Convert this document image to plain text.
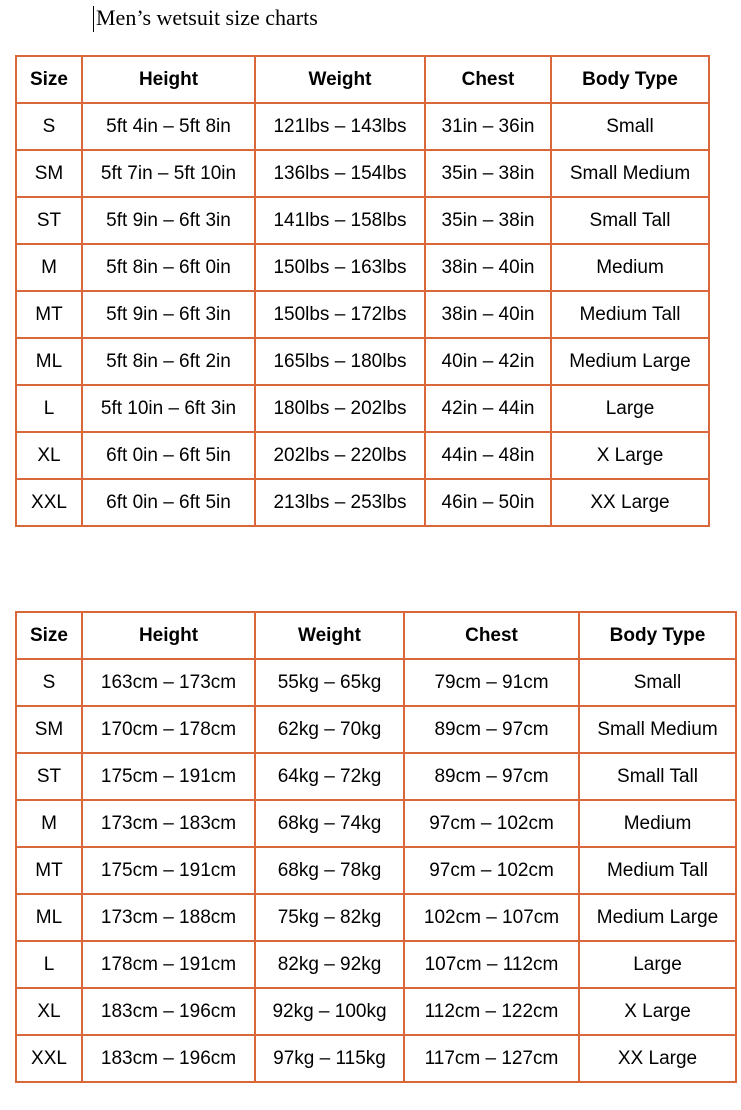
Men’s wetsuit size charts
Size	Height	Weight	Chest	Body Type
S	5ft 4in – 5ft 8in	121lbs – 143lbs	31in – 36in	Small
SM	5ft 7in – 5ft 10in	136lbs – 154lbs	35in – 38in	Small Medium
ST	5ft 9in – 6ft 3in	141lbs – 158lbs	35in – 38in	Small Tall
M	5ft 8in – 6ft 0in	150lbs – 163lbs	38in – 40in	Medium
MT	5ft 9in – 6ft 3in	150lbs – 172lbs	38in – 40in	Medium Tall
ML	5ft 8in – 6ft 2in	165lbs – 180lbs	40in – 42in	Medium Large
L	5ft 10in – 6ft 3in	180lbs – 202lbs	42in – 44in	Large
XL	6ft 0in – 6ft 5in	202lbs – 220lbs	44in – 48in	X Large
XXL	6ft 0in – 6ft 5in	213lbs – 253lbs	46in – 50in	XX Large
Size	Height	Weight	Chest	Body Type
S	163cm – 173cm	55kg – 65kg	79cm – 91cm	Small
SM	170cm – 178cm	62kg – 70kg	89cm – 97cm	Small Medium
ST	175cm – 191cm	64kg – 72kg	89cm – 97cm	Small Tall
M	173cm – 183cm	68kg – 74kg	97cm – 102cm	Medium
MT	175cm – 191cm	68kg – 78kg	97cm – 102cm	Medium Tall
ML	173cm – 188cm	75kg – 82kg	102cm – 107cm	Medium Large
L	178cm – 191cm	82kg – 92kg	107cm – 112cm	Large
XL	183cm – 196cm	92kg – 100kg	112cm – 122cm	X Large
XXL	183cm – 196cm	97kg – 115kg	117cm – 127cm	XX Large
